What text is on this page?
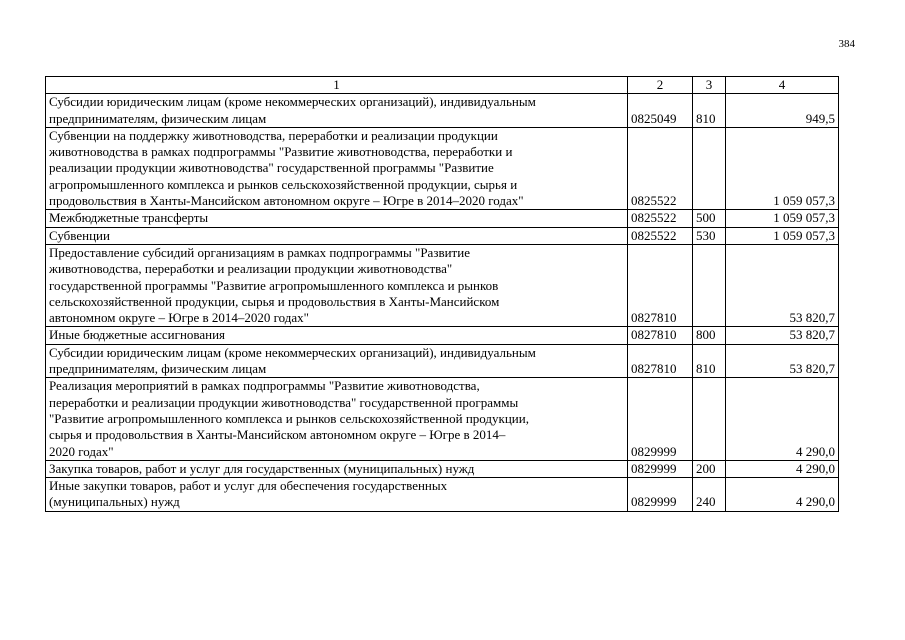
384
1	2	3	4
Субсидии юридическим лицам (кроме некоммерческих организаций), индивидуальным
предпринимателям, физическим лицам	0825049	810	949,5
Субвенции на поддержку животноводства, переработки и реализации продукции
животноводства в рамках подпрограммы "Развитие животноводства, переработки и
реализации продукции животноводства" государственной программы "Развитие
агропромышленного комплекса и рынков сельскохозяйственной продукции, сырья и
продовольствия в Ханты-Мансийском автономном округе – Югре в 2014–2020 годах"	0825522		1 059 057,3
Межбюджетные трансферты	0825522	500	1 059 057,3
Субвенции	0825522	530	1 059 057,3
Предоставление субсидий организациям в рамках подпрограммы "Развитие
животноводства, переработки и реализации продукции животноводства"
государственной программы "Развитие агропромышленного комплекса и рынков
сельскохозяйственной продукции, сырья и продовольствия в Ханты-Мансийском
автономном округе – Югре в 2014–2020 годах"	0827810		53 820,7
Иные бюджетные ассигнования	0827810	800	53 820,7
Субсидии юридическим лицам (кроме некоммерческих организаций), индивидуальным
предпринимателям, физическим лицам	0827810	810	53 820,7
Реализация мероприятий в рамках подпрограммы "Развитие животноводства,
переработки и реализации продукции животноводства" государственной программы
"Развитие агропромышленного комплекса и рынков сельскохозяйственной продукции,
сырья и продовольствия в Ханты-Мансийском автономном округе – Югре в 2014–
2020 годах"	0829999		4 290,0
Закупка товаров, работ и услуг для государственных (муниципальных) нужд	0829999	200	4 290,0
Иные закупки товаров, работ и услуг для обеспечения государственных
(муниципальных) нужд	0829999	240	4 290,0
